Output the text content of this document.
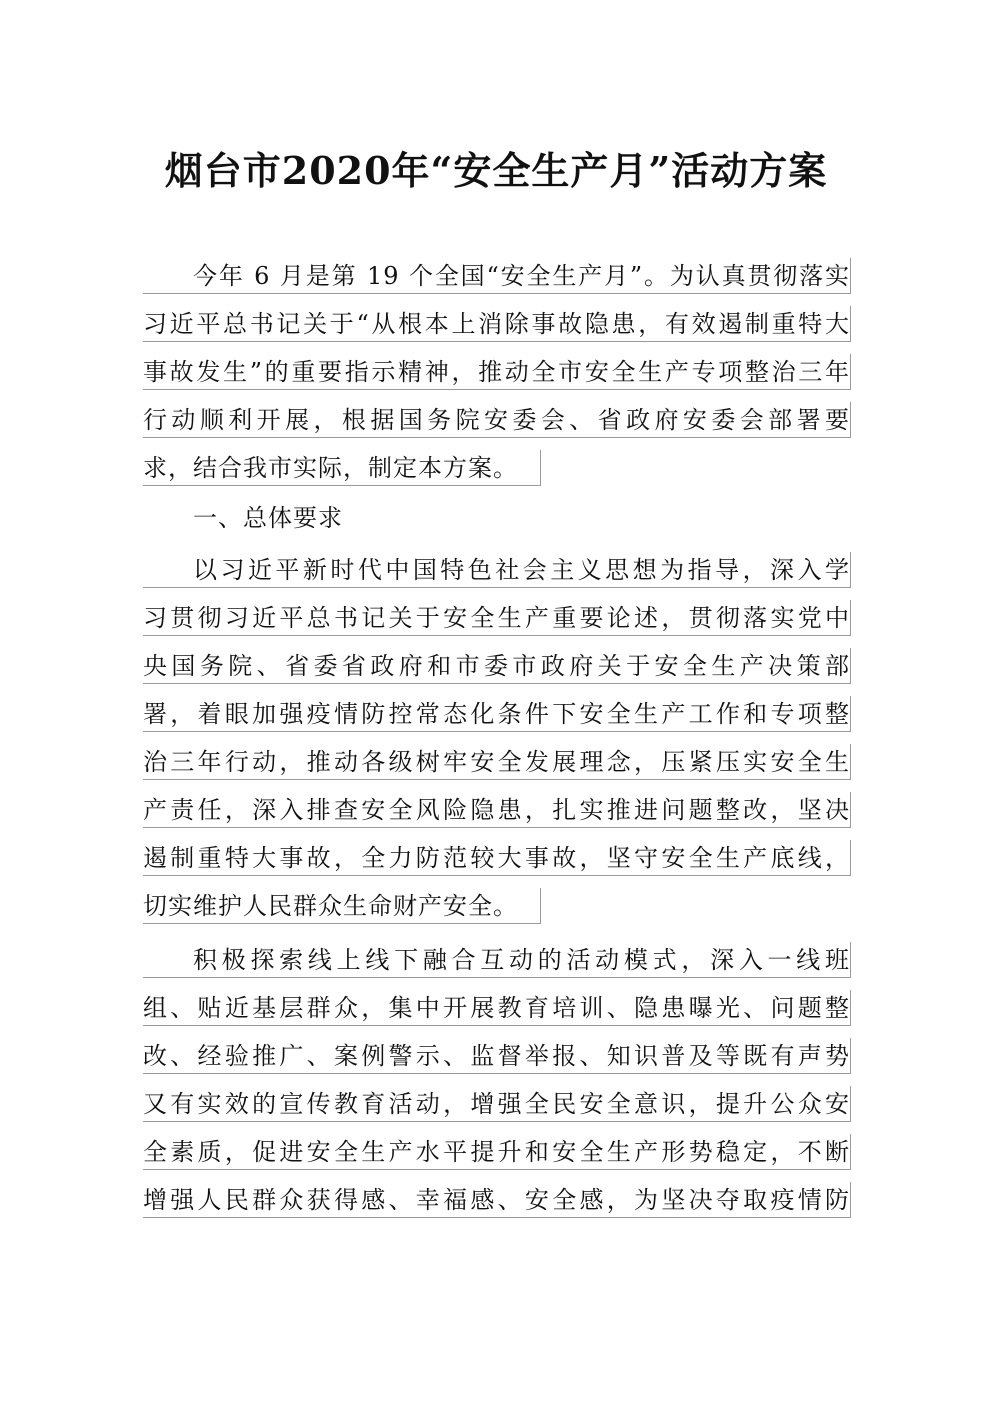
烟台市2020年“安全生产月”活动方案
今年 6 月是第 19 个全国“安全生产月”。为认真贯彻落实
习近平总书记关于“从根本上消除事故隐患，有效遏制重特大
事故发生”的重要指示精神，推动全市安全生产专项整治三年
行动顺利开展，根据国务院安委会、省政府安委会部署要
求，结合我市实际，制定本方案。
一、总体要求
以习近平新时代中国特色社会主义思想为指导，深入学
习贯彻习近平总书记关于安全生产重要论述，贯彻落实党中
央国务院、省委省政府和市委市政府关于安全生产决策部
署，着眼加强疫情防控常态化条件下安全生产工作和专项整
治三年行动，推动各级树牢安全发展理念，压紧压实安全生
产责任，深入排查安全风险隐患，扎实推进问题整改，坚决
遏制重特大事故，全力防范较大事故，坚守安全生产底线，
切实维护人民群众生命财产安全。
积极探索线上线下融合互动的活动模式，深入一线班
组、贴近基层群众，集中开展教育培训、隐患曝光、问题整
改、经验推广、案例警示、监督举报、知识普及等既有声势
又有实效的宣传教育活动，增强全民安全意识，提升公众安
全素质，促进安全生产水平提升和安全生产形势稳定，不断
增强人民群众获得感、幸福感、安全感，为坚决夺取疫情防
